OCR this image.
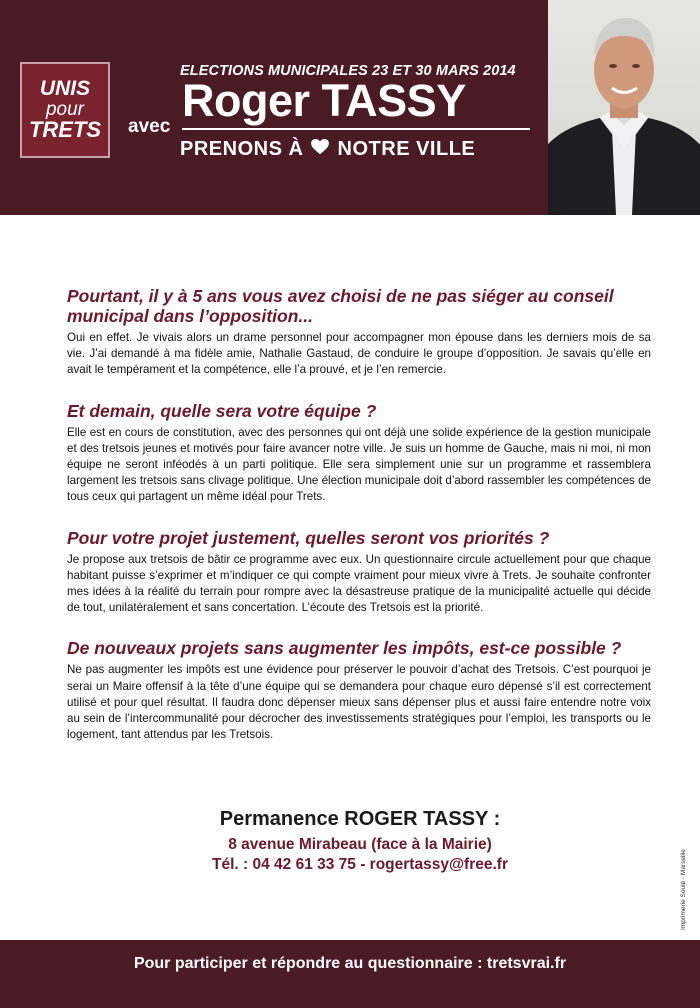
UNIS
pour
TRETS
ELECTIONS MUNICIPALES 23 ET 30 MARS 2014
avec
Roger TASSY
PRENONS À NOTRE VILLE
Pourtant, il y à 5 ans vous avez choisi de ne pas siéger au conseil municipal dans l’opposition...

Oui en effet. Je vivais alors un drame personnel pour accompagner mon épouse dans les derniers mois de sa vie. J’ai demandé à ma fidèle amie, Nathalie Gastaud, de conduire le groupe d’opposition. Je savais qu’elle en avait le tempérament et la compétence, elle l’a prouvé, et je l’en remercie.

Et demain, quelle sera votre équipe ?

Elle est en cours de constitution, avec des personnes qui ont déjà une solide expérience de la gestion municipale et des tretsois jeunes et motivés pour faire avancer notre ville. Je suis un homme de Gauche, mais ni moi, ni mon équipe ne seront inféodés à un parti politique. Elle sera simplement unie sur un programme et rassemblera largement les tretsois sans clivage politique. Une élection municipale doit d’abord rassembler les compétences de tous ceux qui partagent un même idéal pour Trets.

Pour votre projet justement, quelles seront vos priorités ?

Je propose aux tretsois de bâtir ce programme avec eux. Un questionnaire circule actuellement pour que chaque habitant puisse s’exprimer et m’indiquer ce qui compte vraiment pour mieux vivre à Trets. Je souhaite confronter mes idées à la réalité du terrain pour rompre avec la désastreuse pratique de la municipalité actuelle qui décide de tout, unilatéralement et sans concertation. L’écoute des Tretsois est la priorité.

De nouveaux projets sans augmenter les impôts, est-ce possible ?

Ne pas augmenter les impôts est une évidence pour préserver le pouvoir d’achat des Tretsois. C’est pourquoi je serai un Maire offensif à la tête d’une équipe qui se demandera pour chaque euro dépensé s’il est correctement utilisé et pour quel résultat. Il faudra donc dépenser mieux sans dépenser plus et aussi faire entendre notre voix au sein de l’intercommunalité pour décrocher des investissements stratégiques pour l’emploi, les transports ou le logement, tant attendus par les Tretsois.

Permanence ROGER TASSY :
8 avenue Mirabeau (face à la Mairie)
Tél. : 04 42 61 33 75 - rogertassy@free.fr	Imprimerie Soulé - Marseille
Pour participer et répondre au questionnaire : tretsvrai.fr
